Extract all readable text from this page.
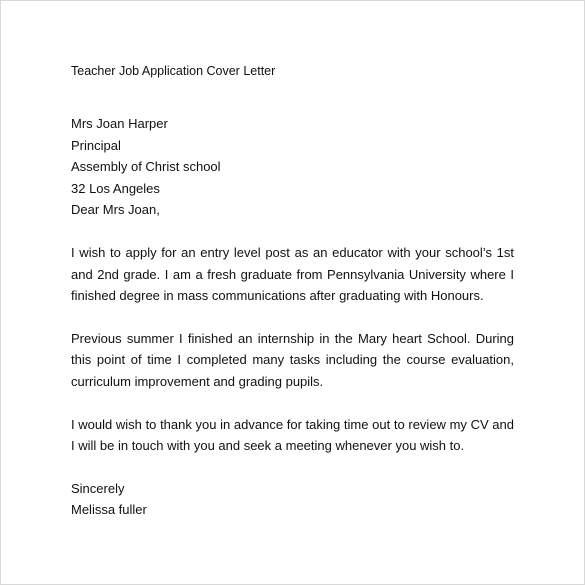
Teacher Job Application Cover Letter
Mrs Joan Harper
Principal
Assembly of Christ school
32 Los Angeles
Dear Mrs Joan,

I wish to apply for an entry level post as an educator with your school’s 1st and 2nd grade. I am a fresh graduate from Pennsylvania University where I finished degree in mass communications after graduating with Honours.

Previous summer I finished an internship in the Mary heart School. During this point of time I completed many tasks including the course evaluation, curriculum improvement and grading pupils.

I would wish to thank you in advance for taking time out to review my CV and I will be in touch with you and seek a meeting whenever you wish to.

Sincerely
Melissa fuller
